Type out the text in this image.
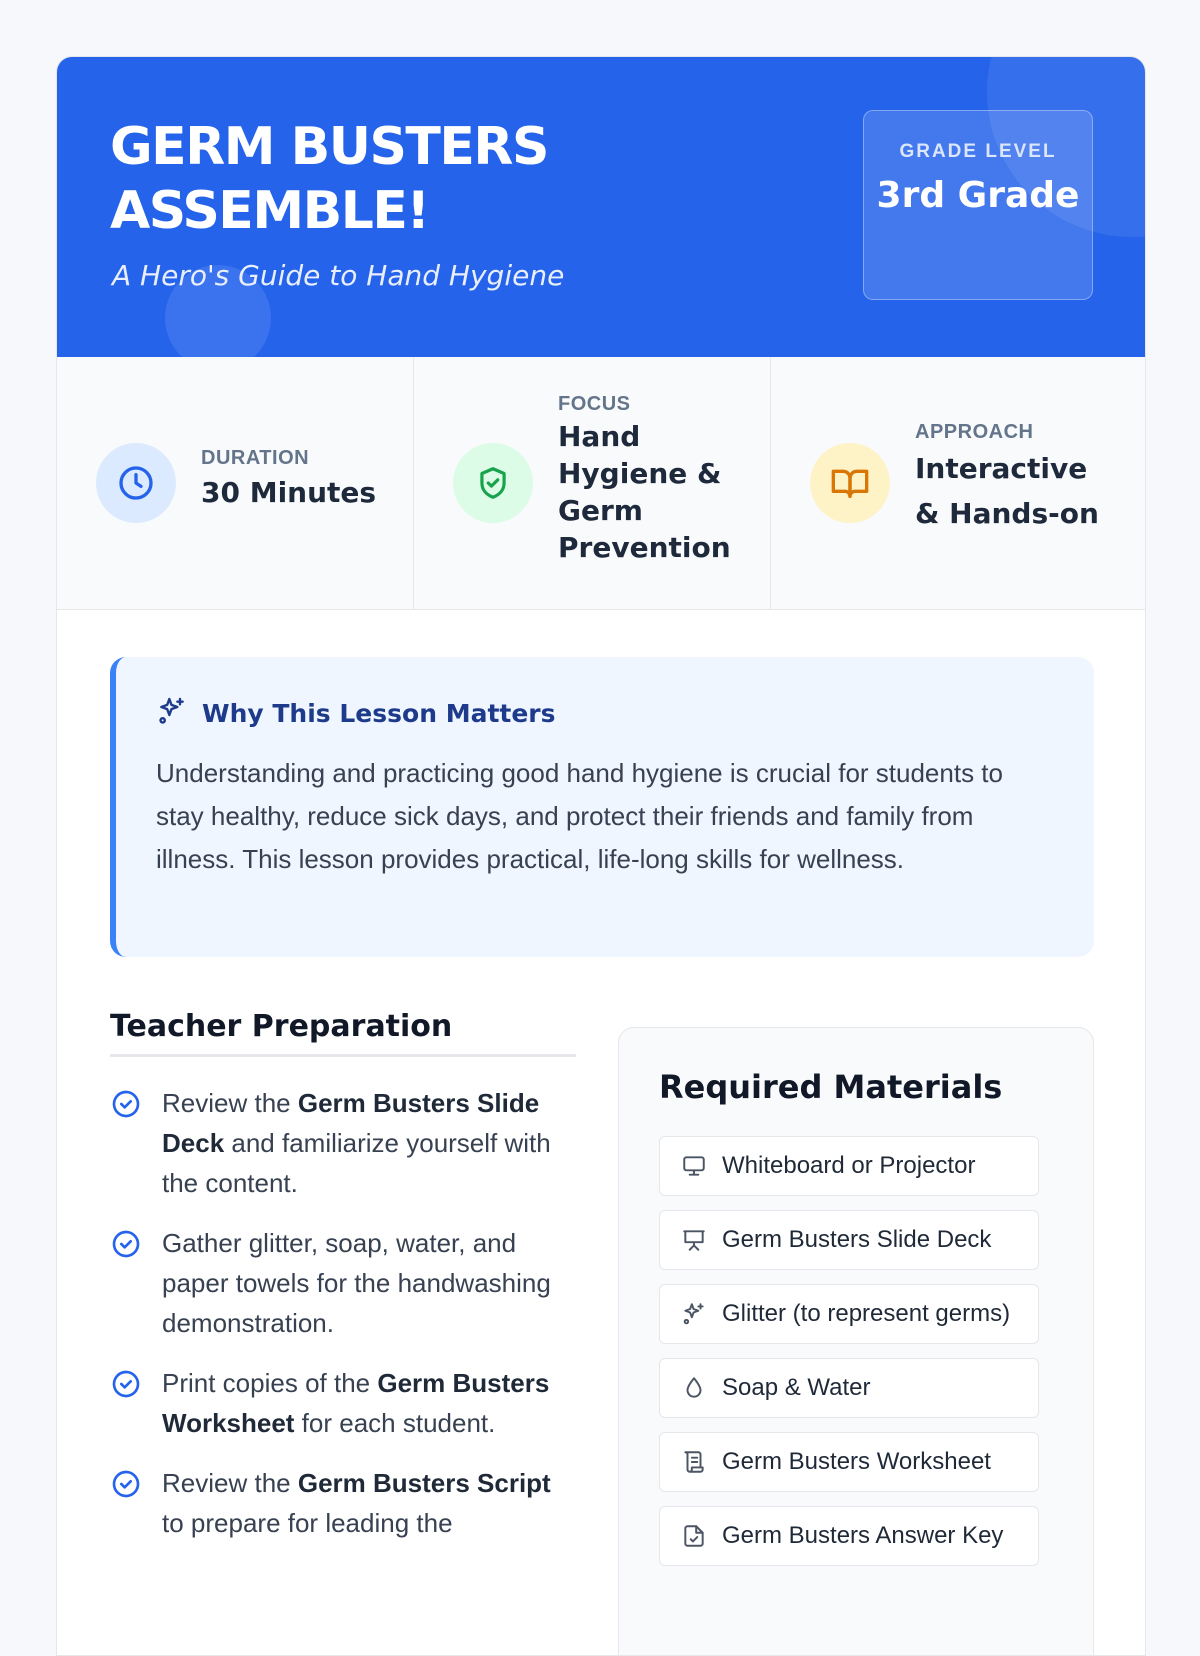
GERM BUSTERS ASSEMBLE!
A Hero's Guide to Hand Hygiene
GRADE LEVEL
3rd Grade
DURATION
30 Minutes
FOCUS
Hand Hygiene & Germ Prevention
APPROACH
Interactive & Hands-on
Why This Lesson Matters

Understanding and practicing good hand hygiene is crucial for students to stay healthy, reduce sick days, and protect their friends and family from illness. This lesson provides practical, life-long skills for wellness.

Teacher Preparation
Review the Germ Busters Slide Deck and familiarize yourself with the content.
Gather glitter, soap, water, and paper towels for the handwashing demonstration.
Print copies of the Germ Busters Worksheet for each student.
Review the Germ Busters Script to prepare for leading the
Required Materials
Whiteboard or Projector
Germ Busters Slide Deck
Glitter (to represent germs)
Soap & Water
Germ Busters Worksheet
Germ Busters Answer Key
